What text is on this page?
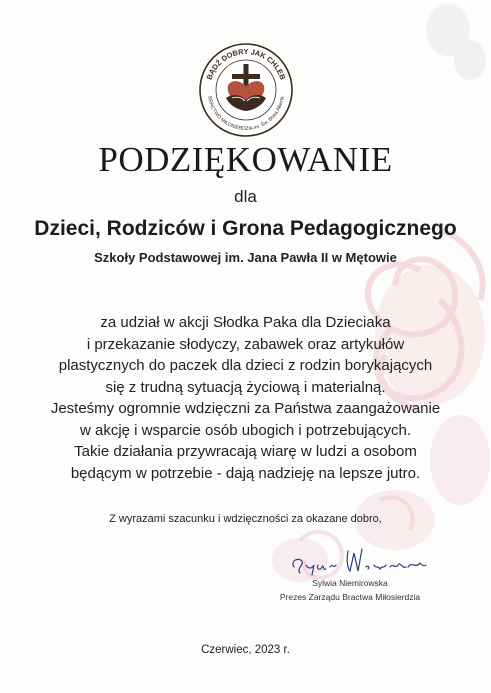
BĄDŹ DOBRY JAK CHLEB
BRACTWO MIŁOSIERDZIA im. Św. Brata Alberta
PODZIĘKOWANIE
dla
Dzieci, Rodziców i Grona Pedagogicznego
Szkoły Podstawowej im. Jana Pawła II w Mętowie
za udział w akcji Słodka Paka dla Dzieciaka
i przekazanie słodyczy, zabawek oraz artykułów
plastycznych do paczek dla dzieci z rodzin borykających
się z trudną sytuacją życiową i materialną.
Jesteśmy ogromnie wdzięczni za Państwa zaangażowanie
w akcję i wsparcie osób ubogich i potrzebujących.
Takie działania przywracają wiarę w ludzi a osobom
będącym w potrzebie - dają nadzieję na lepsze jutro.
Z wyrazami szacunku i wdzięczności za okazane dobro,
Sylwia Niemirowska
Prezes Zarządu Bractwa Miłosierdzia
Czerwiec, 2023 r.
